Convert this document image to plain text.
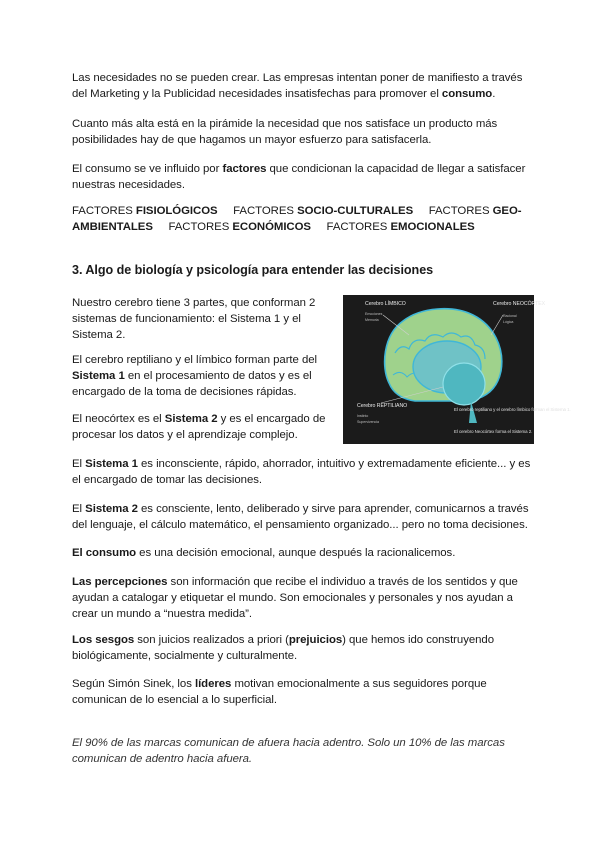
Las necesidades no se pueden crear. Las empresas intentan poner de manifiesto a través del Marketing y la Publicidad necesidades insatisfechas para promover el consumo.

Cuanto más alta está en la pirámide la necesidad que nos satisface un producto más posibilidades hay de que hagamos un mayor esfuerzo para satisfacerla.

El consumo se ve influido por factores que condicionan la capacidad de llegar a satisfacer nuestras necesidades.

FACTORES FISIOLÓGICOS FACTORES SOCIO-CULTURALES FACTORES GEO-AMBIENTALES FACTORES ECONÓMICOS FACTORES EMOCIONALES

3. Algo de biología y psicología para entender las decisiones

Nuestro cerebro tiene 3 partes, que conforman 2 sistemas de funcionamiento: el Sistema 1 y el Sistema 2.

El cerebro reptiliano y el límbico forman parte del Sistema 1 en el procesamiento de datos y es el encargado de la toma de decisiones rápidas.

El neocórtex es el Sistema 2 y es el encargado de procesar los datos y el aprendizaje complejo.

Cerebro LÍMBICO
Emociones
Memoria
Cerebro NEOCÓRTEX
Racional
Lógica
Cerebro REPTILIANO
Instinto
Supervivencia
El cerebro reptiliano y el cerebro límbico forman el Sistema 1.
El cerebro Neocórtex forma el Sistema 2.

El Sistema 1 es inconsciente, rápido, ahorrador, intuitivo y extremadamente eficiente... y es el encargado de tomar las decisiones.

El Sistema 2 es consciente, lento, deliberado y sirve para aprender, comunicarnos a través del lenguaje, el cálculo matemático, el pensamiento organizado... pero no toma decisiones.

El consumo es una decisión emocional, aunque después la racionalicemos.

Las percepciones son información que recibe el individuo a través de los sentidos y que ayudan a catalogar y etiquetar el mundo. Son emocionales y personales y nos ayudan a crear un mundo a “nuestra medida”.

Los sesgos son juicios realizados a priori (prejuicios) que hemos ido construyendo biológicamente, socialmente y culturalmente.

Según Simón Sinek, los líderes motivan emocionalmente a sus seguidores porque comunican de lo esencial a lo superficial.

El 90% de las marcas comunican de afuera hacia adentro. Solo un 10% de las marcas comunican de adentro hacia afuera.
